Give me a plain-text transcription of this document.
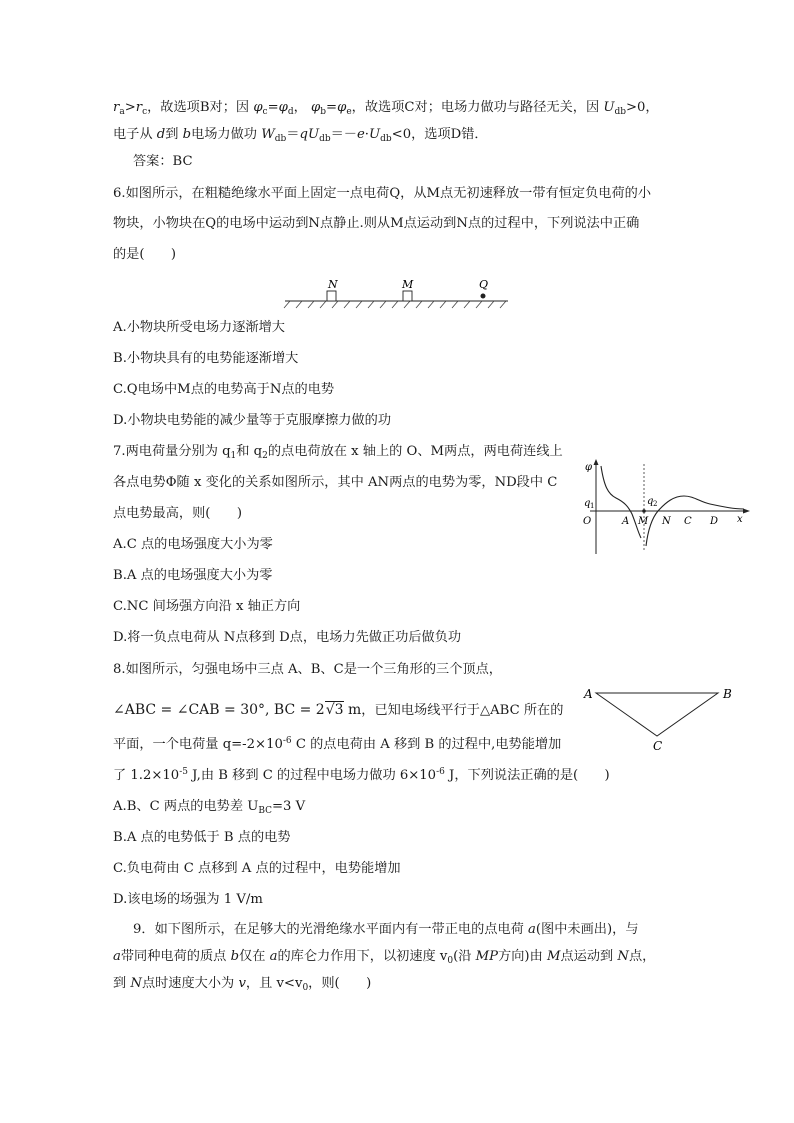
$r_a>r_c$，故选项B对；因 $\varphi_c=\varphi_d$， $\varphi_b=\varphi_e$，故选项C对；电场力做功与路径无关，因 $U_{db}>0$，
电子从 d到 b电场力做功 $W_{db}=qU_{db}=-e\cdot U_{db}<0$，选项D错．
答案：BC
6.如图所示，在粗糙绝缘水平面上固定一点电荷Q，从M点无初速释放一带有恒定负电荷的小
物块，小物块在Q的电场中运动到N点静止.则从M点运动到N点的过程中，下列说法中正确
的是(　　)
N	M	Q
A.小物块所受电场力逐渐增大
B.小物块具有的电势能逐渐增大
C.Q电场中M点的电势高于N点的电势
D.小物块电势能的减少量等于克服摩擦力做的功
7.两电荷量分别为 $q_1$和 $q_2$的点电荷放在 x 轴上的 O、M两点，两电荷连线上
各点电势Φ随 x 变化的关系如图所示，其中 AN两点的电势为零，ND段中 C
点电势最高，则(　　)
φ
q 1	q 2
O	A M N C D x
A.C 点的电场强度大小为零
B.A 点的电场强度大小为零
C.NC 间场强方向沿 x 轴正方向
D.将一负点电荷从 N点移到 D点，电场力先做正功后做负功
8.如图所示，匀强电场中三点 A、B、C是一个三角形的三个顶点，
∠ABC = ∠CAB = 30°, BC = 2√3 m，已知电场线平行于△ABC 所在的
平面，一个电荷量 $q=-2\times 10^{-6}$ C 的点电荷由 A 移到 B 的过程中,电势能增加
了 $1.2\times 10^{-5}$ J,由 B 移到 C 的过程中电场力做功 $6\times 10^{-6}$ J，下列说法正确的是(　　)
A	B
C
A.B、C 两点的电势差 $U_{BC}=3$ V
B.A 点的电势低于 B 点的电势
C.负电荷由 C 点移到 A 点的过程中，电势能增加
D.该电场的场强为 1 V/m
9．如下图所示，在足够大的光滑绝缘水平面内有一带正电的点电荷 a(图中未画出)，与
a带同种电荷的质点 b仅在 a的库仑力作用下，以初速度 $v_0$(沿 MP方向)由 M点运动到 N点，
到 N点时速度大小为 v，且 $v<v_0$，则(　　)
